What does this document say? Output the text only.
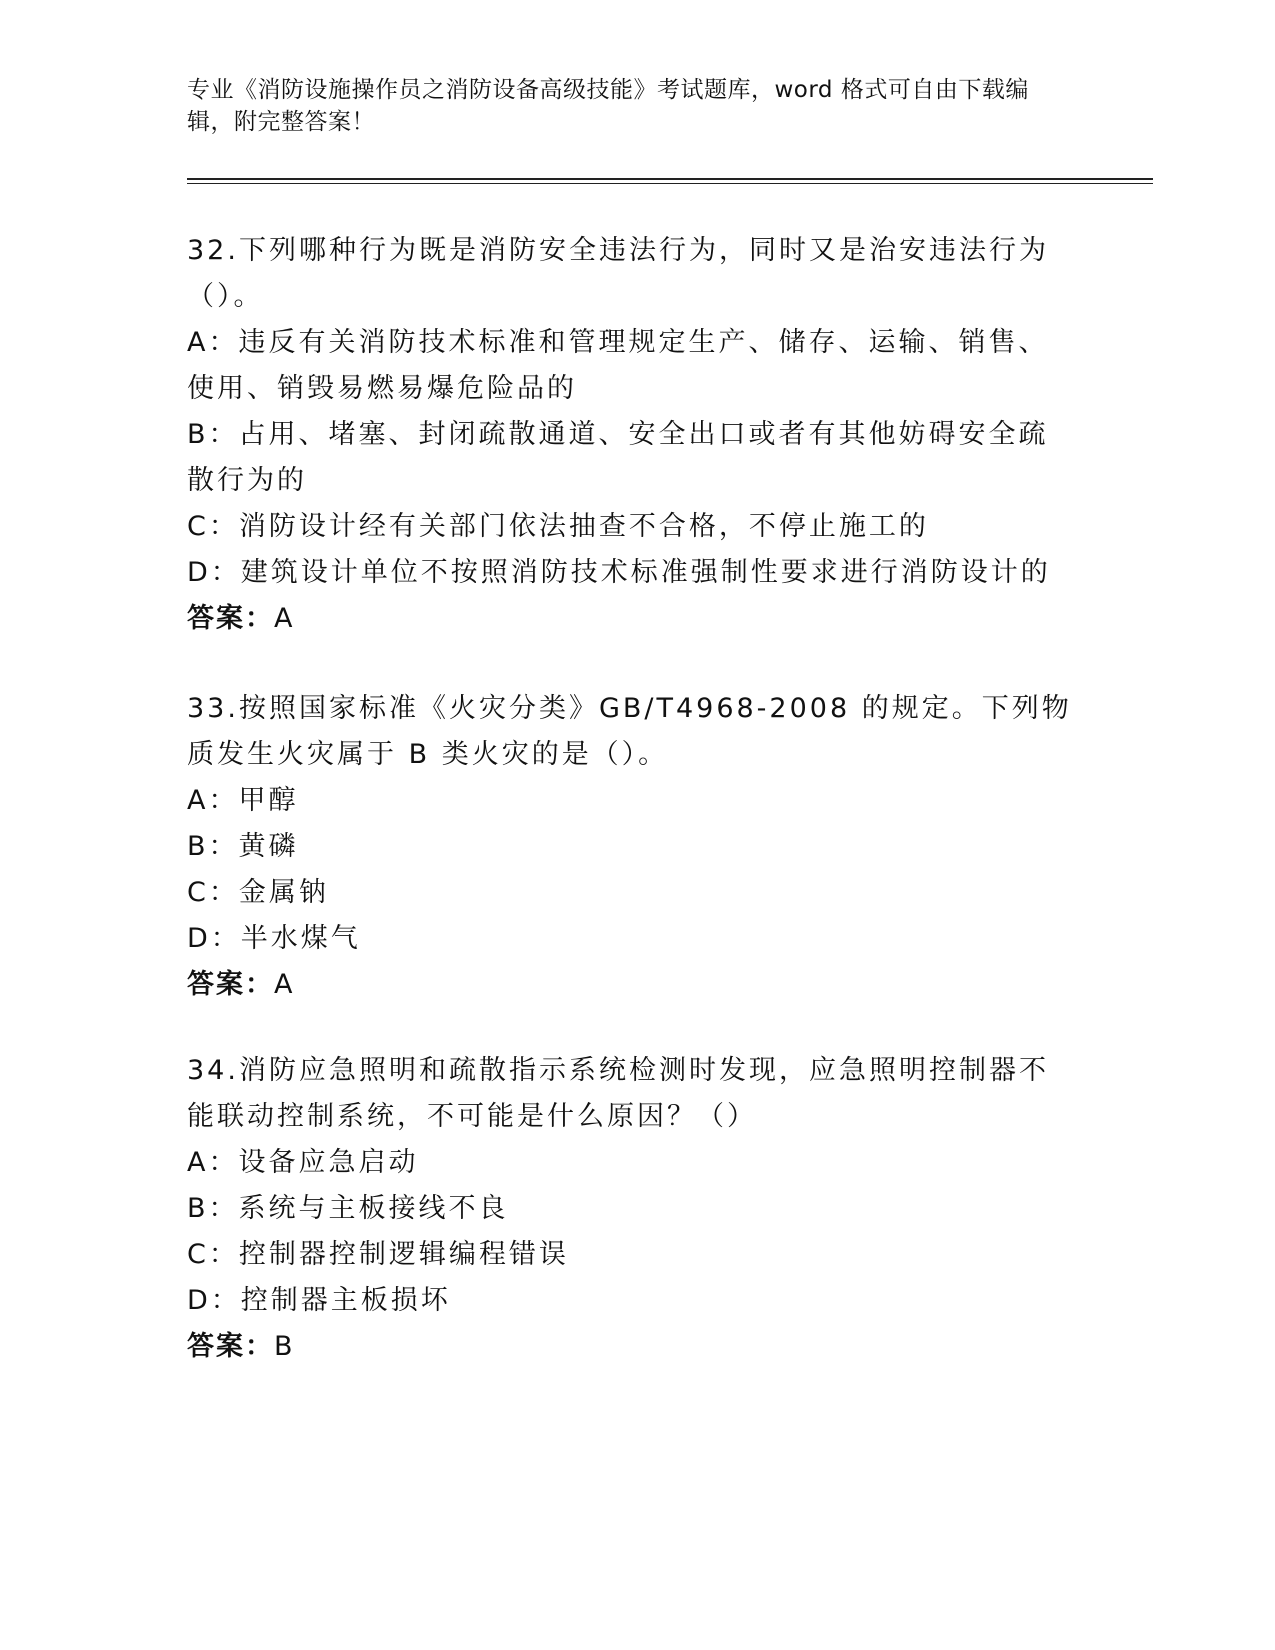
专业《消防设施操作员之消防设备高级技能》考试题库，word 格式可自由下载编辑，附完整答案！

32.下列哪种行为既是消防安全违法行为，同时又是治安违法行为（）。

A：违反有关消防技术标准和管理规定生产、储存、运输、销售、使用、销毁易燃易爆危险品的

B：占用、堵塞、封闭疏散通道、安全出口或者有其他妨碍安全疏散行为的

C：消防设计经有关部门依法抽查不合格，不停止施工的

D：建筑设计单位不按照消防技术标准强制性要求进行消防设计的

答案：A

33.按照国家标准《火灾分类》GB/T4968-2008 的规定。下列物质发生火灾属于 B 类火灾的是（）。

A：甲醇

B：黄磷

C：金属钠

D：半水煤气

答案：A

34.消防应急照明和疏散指示系统检测时发现，应急照明控制器不能联动控制系统，不可能是什么原因？（）

A：设备应急启动

B：系统与主板接线不良

C：控制器控制逻辑编程错误

D：控制器主板损坏

答案：B
